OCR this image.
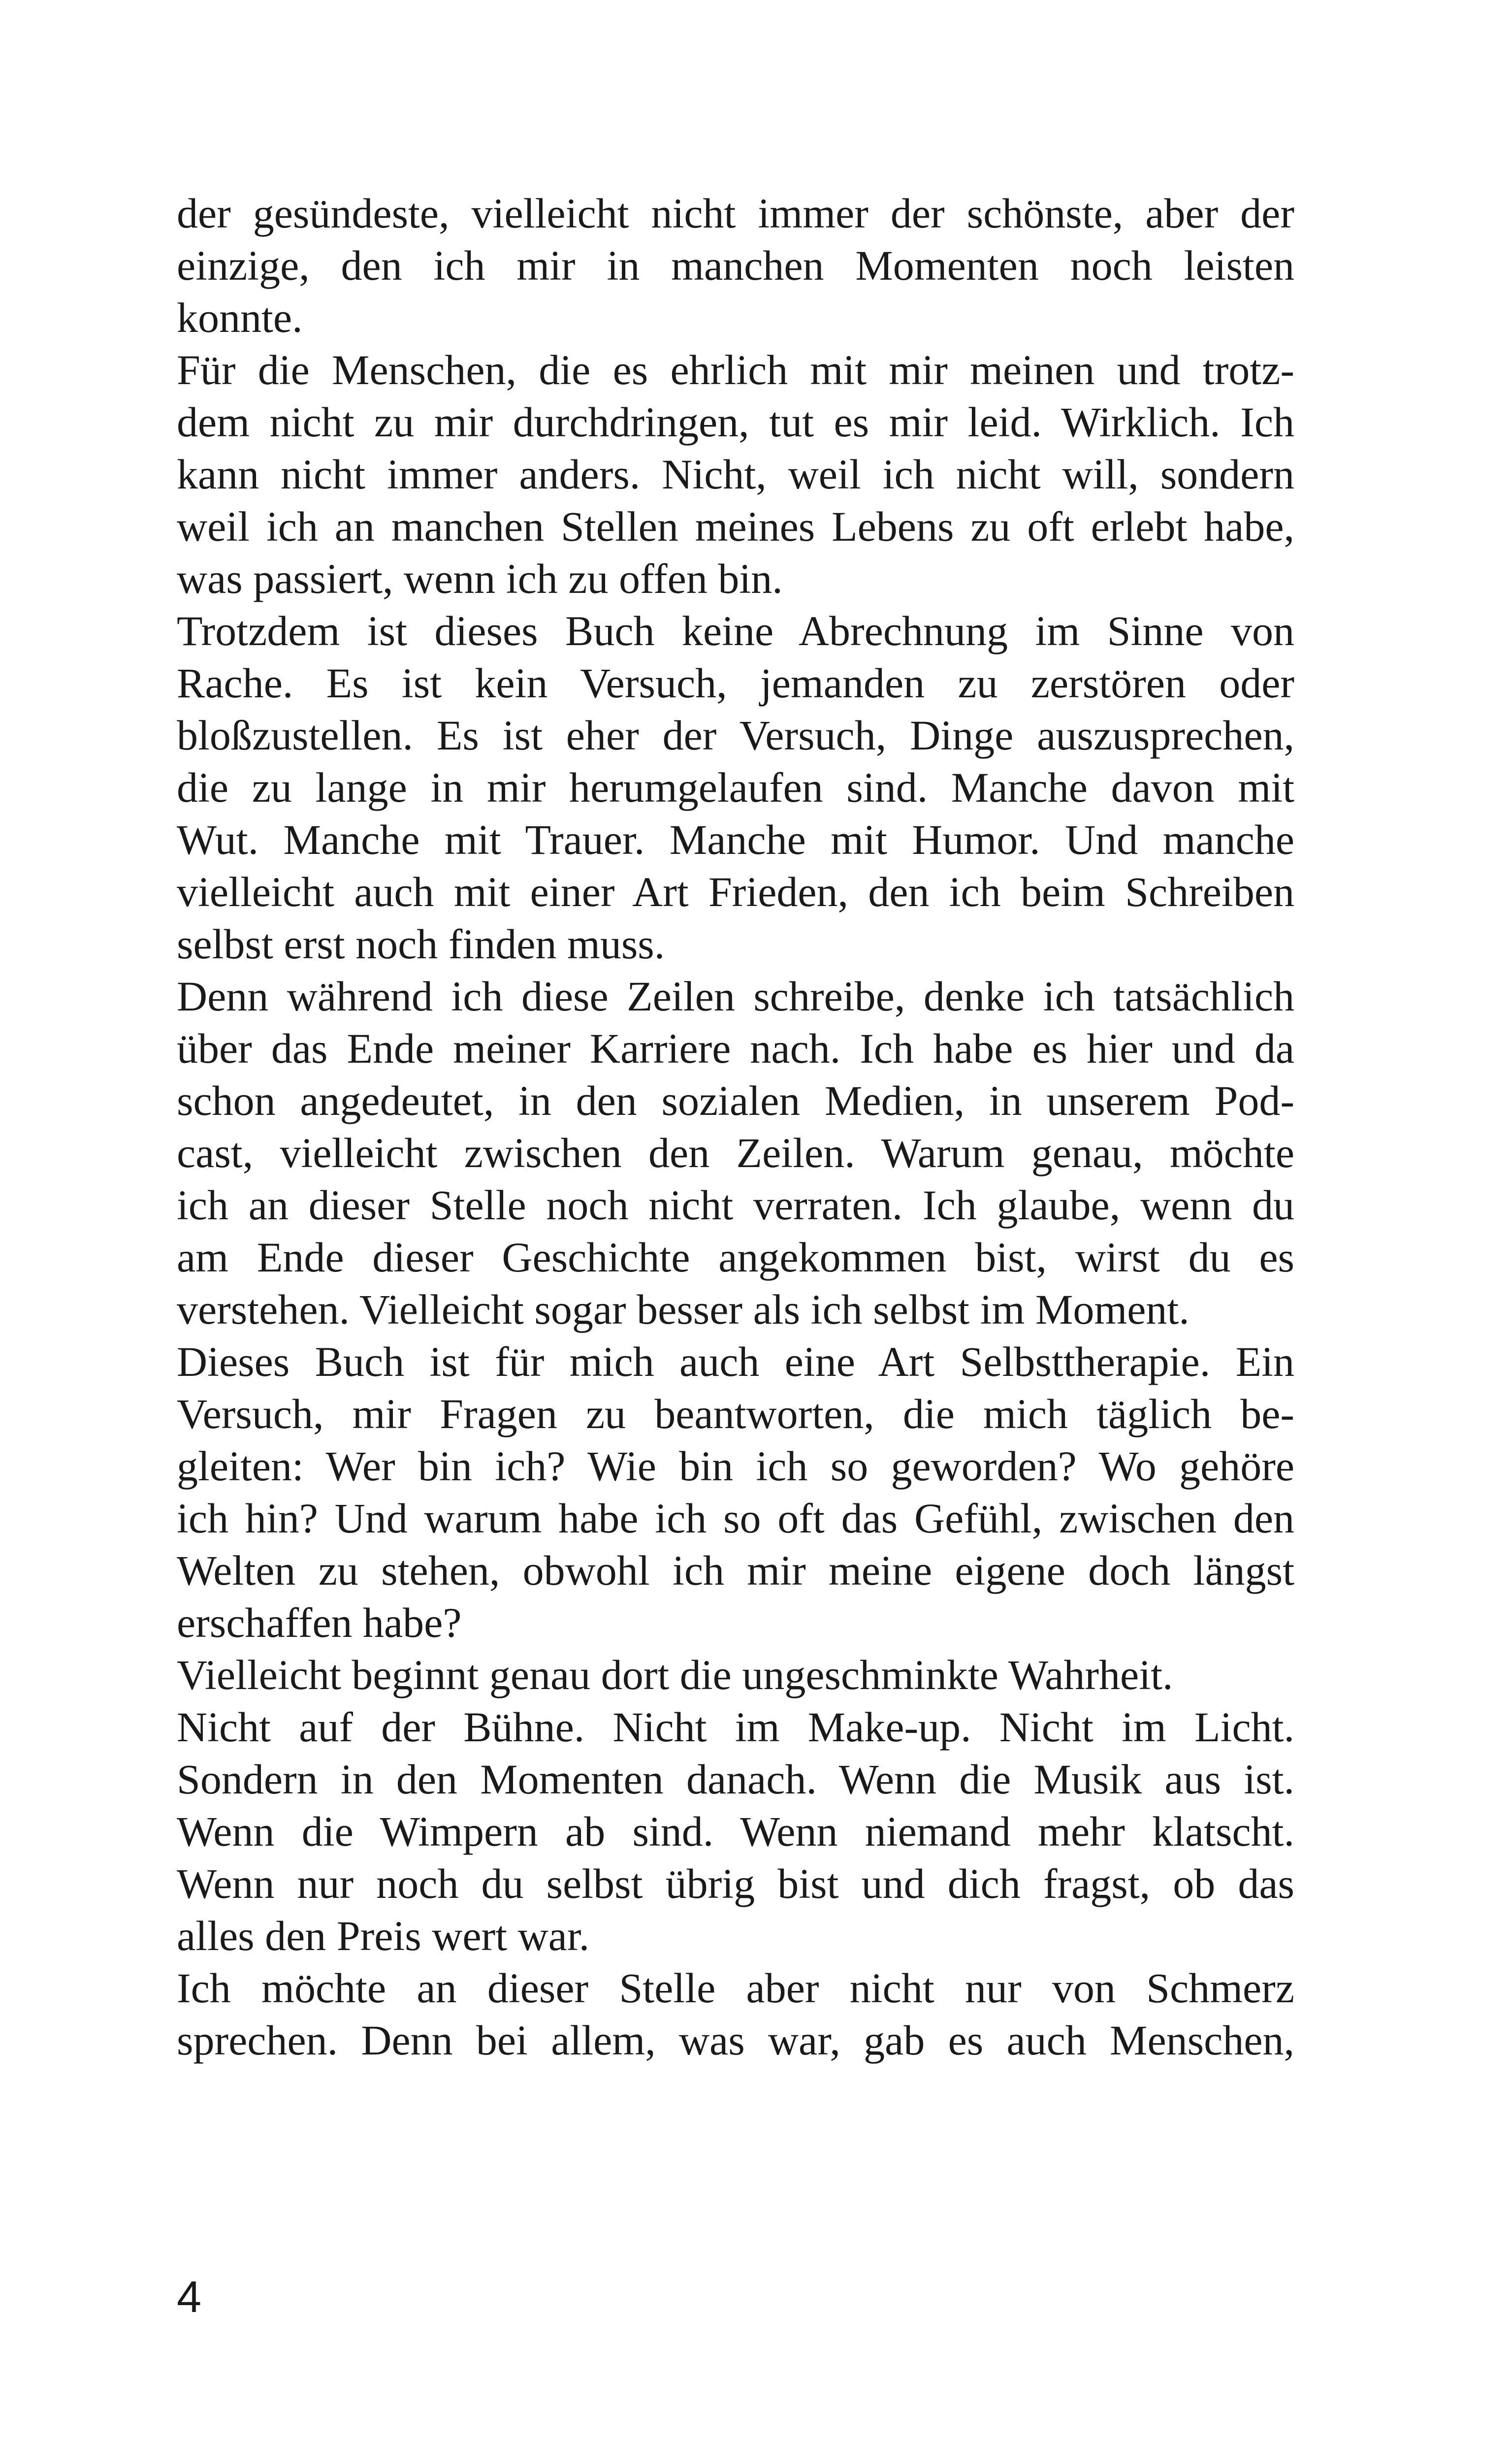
der gesündeste, vielleicht nicht immer der schönste, aber der
einzige, den ich mir in manchen Momenten noch leisten
konnte.
Für die Menschen, die es ehrlich mit mir meinen und trotz-
dem nicht zu mir durchdringen, tut es mir leid. Wirklich. Ich
kann nicht immer anders. Nicht, weil ich nicht will, sondern
weil ich an manchen Stellen meines Lebens zu oft erlebt habe,
was passiert, wenn ich zu offen bin.
Trotzdem ist dieses Buch keine Abrechnung im Sinne von
Rache. Es ist kein Versuch, jemanden zu zerstören oder
bloßzustellen. Es ist eher der Versuch, Dinge auszusprechen,
die zu lange in mir herumgelaufen sind. Manche davon mit
Wut. Manche mit Trauer. Manche mit Humor. Und manche
vielleicht auch mit einer Art Frieden, den ich beim Schreiben
selbst erst noch finden muss.
Denn während ich diese Zeilen schreibe, denke ich tatsächlich
über das Ende meiner Karriere nach. Ich habe es hier und da
schon angedeutet, in den sozialen Medien, in unserem Pod-
cast, vielleicht zwischen den Zeilen. Warum genau, möchte
ich an dieser Stelle noch nicht verraten. Ich glaube, wenn du
am Ende dieser Geschichte angekommen bist, wirst du es
verstehen. Vielleicht sogar besser als ich selbst im Moment.
Dieses Buch ist für mich auch eine Art Selbsttherapie. Ein
Versuch, mir Fragen zu beantworten, die mich täglich be-
gleiten: Wer bin ich? Wie bin ich so geworden? Wo gehöre
ich hin? Und warum habe ich so oft das Gefühl, zwischen den
Welten zu stehen, obwohl ich mir meine eigene doch längst
erschaffen habe?
Vielleicht beginnt genau dort die ungeschminkte Wahrheit.
Nicht auf der Bühne. Nicht im Make-up. Nicht im Licht.
Sondern in den Momenten danach. Wenn die Musik aus ist.
Wenn die Wimpern ab sind. Wenn niemand mehr klatscht.
Wenn nur noch du selbst übrig bist und dich fragst, ob das
alles den Preis wert war.
Ich möchte an dieser Stelle aber nicht nur von Schmerz
sprechen. Denn bei allem, was war, gab es auch Menschen,
4
